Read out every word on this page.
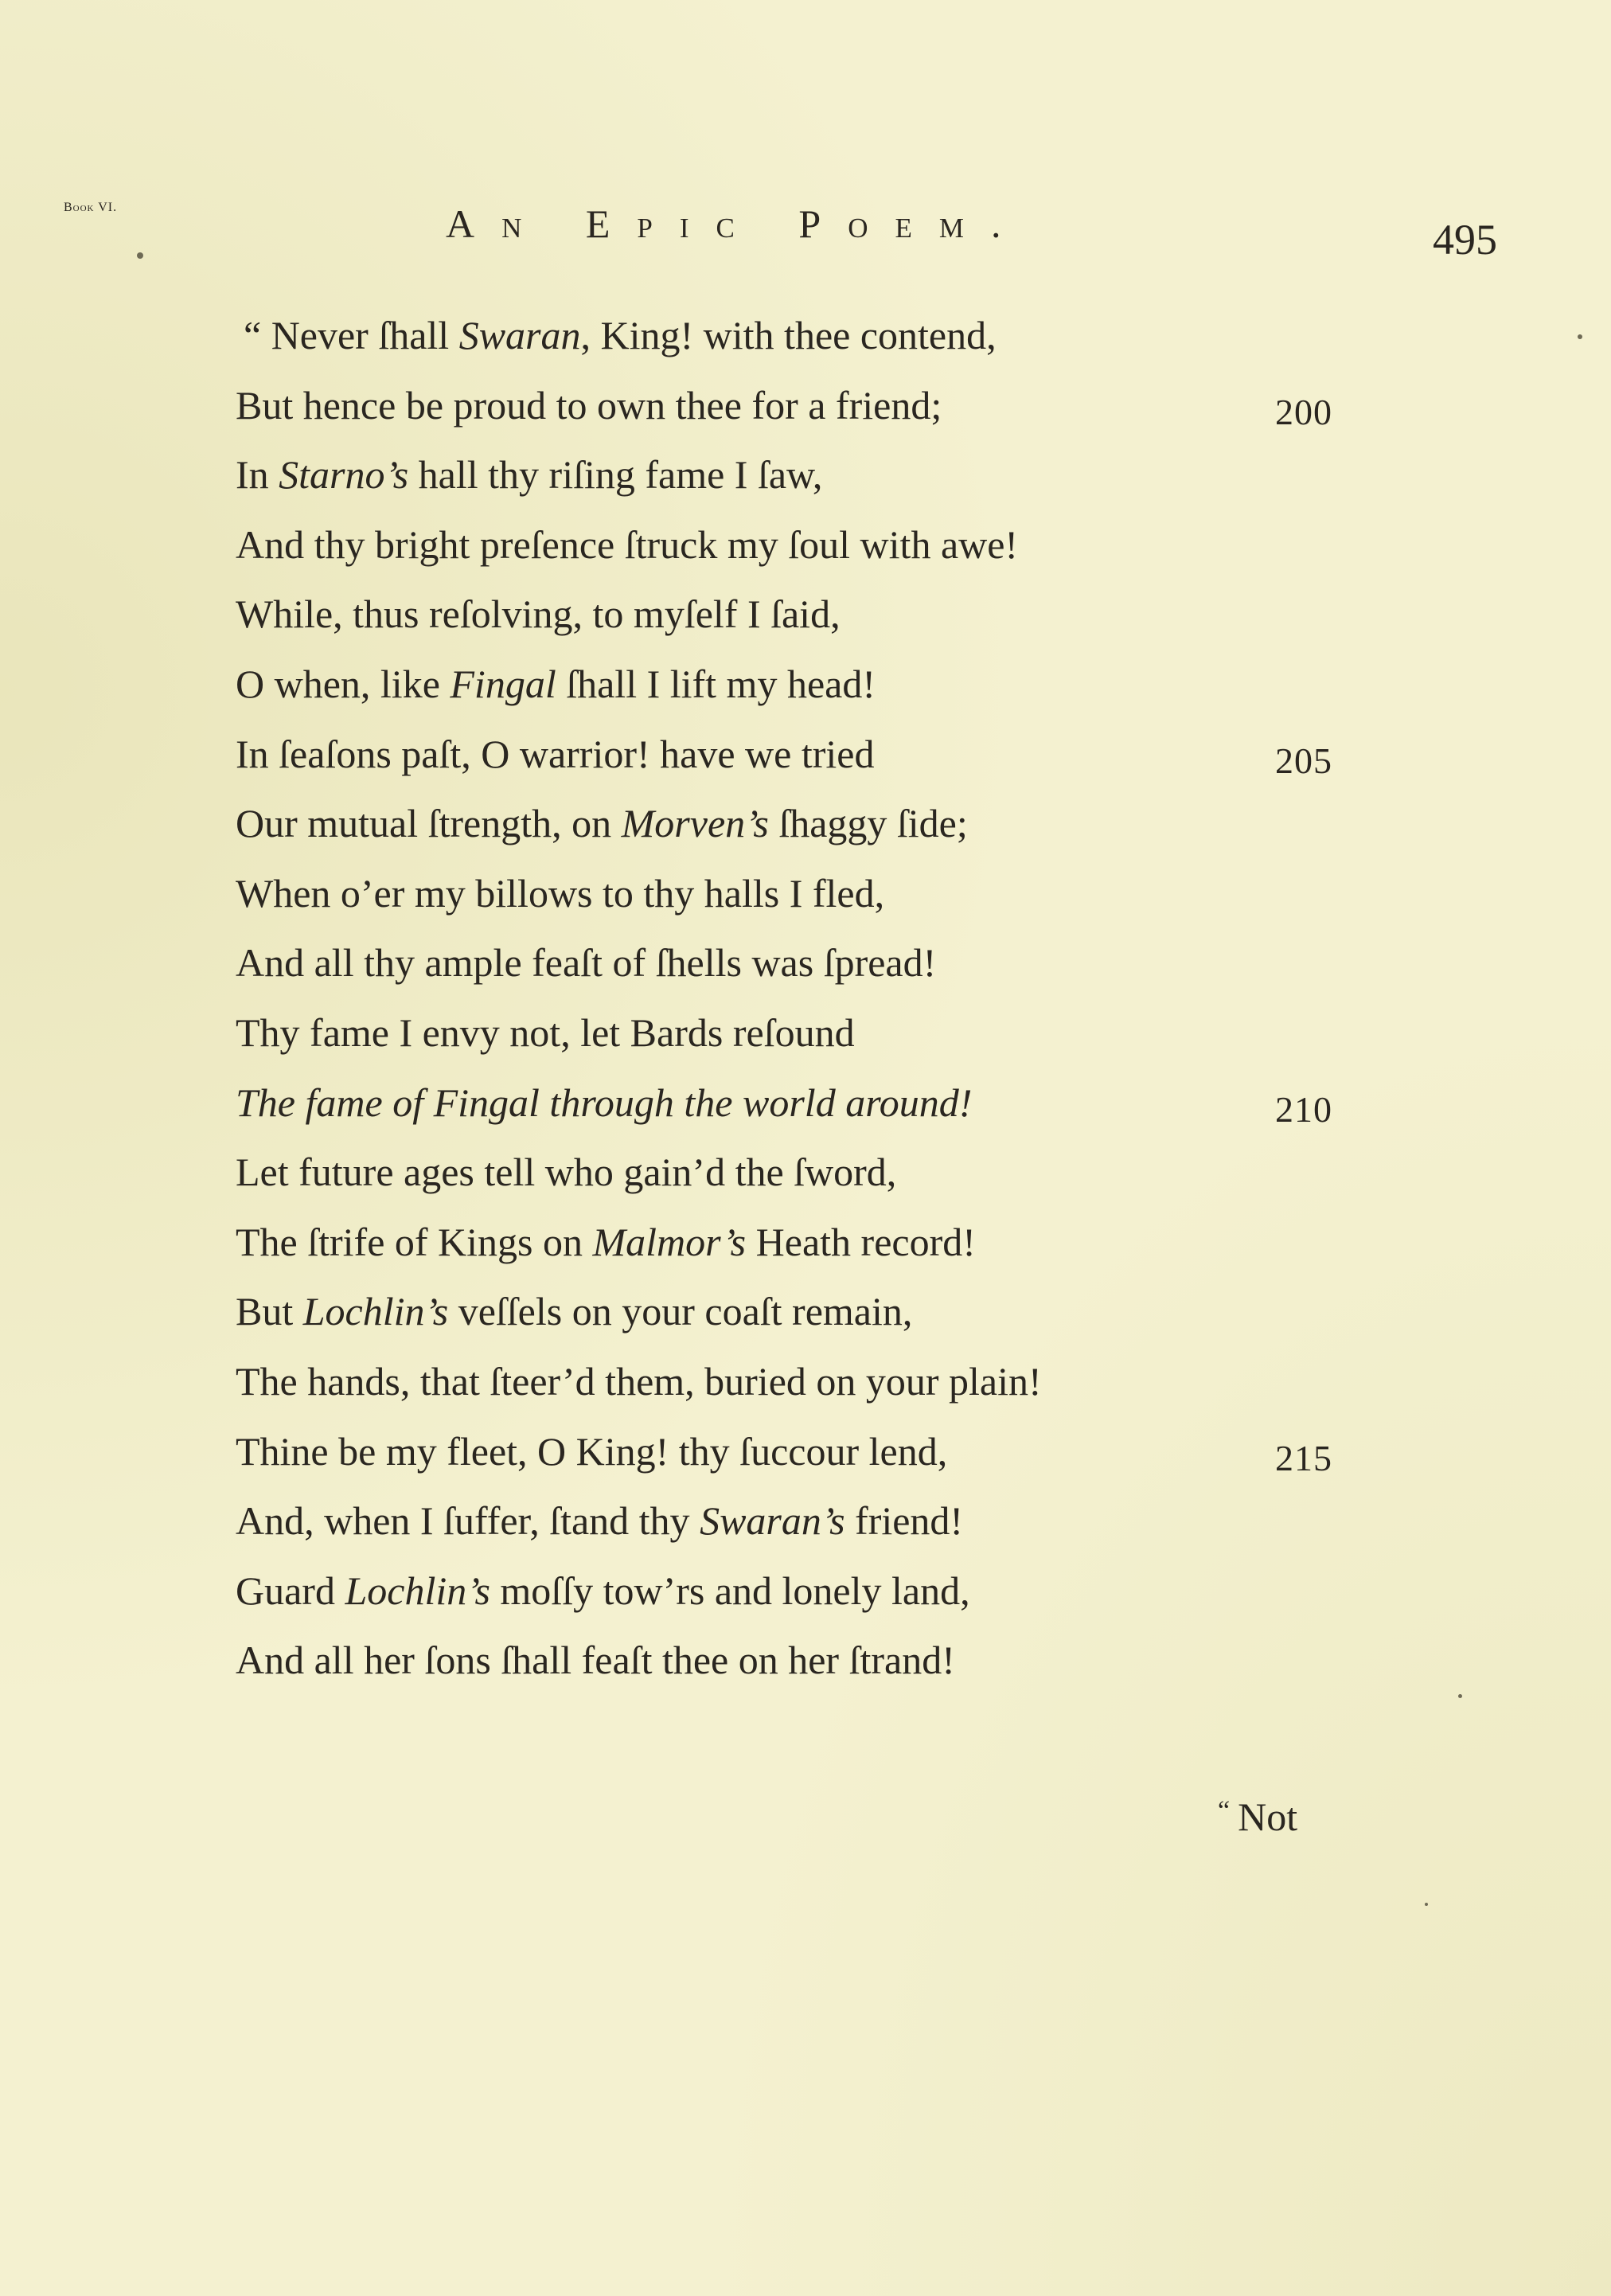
Book VI.	An Epic Poem.	495
“ Never ſhall Swaran, King! with thee contend,
But hence be proud to own thee for a friend;	200
In Starno’s hall thy riſing fame I ſaw,
And thy bright preſence ſtruck my ſoul with awe!
While, thus reſolving, to myſelf I ſaid,
O when, like Fingal ſhall I lift my head!
In ſeaſons paſt, O warrior! have we tried	205
Our mutual ſtrength, on Morven’s ſhaggy ſide;
When o’er my billows to thy halls I fled,
And all thy ample feaſt of ſhells was ſpread!
Thy fame I envy not, let Bards reſound
The fame of Fingal through the world around!	210
Let future ages tell who gain’d the ſword,
The ſtrife of Kings on Malmor’s Heath record!
But Lochlin’s veſſels on your coaſt remain,
The hands, that ſteer’d them, buried on your plain!
Thine be my fleet, O King! thy ſuccour lend,	215
And, when I ſuffer, ſtand thy Swaran’s friend!
Guard Lochlin’s moſſy tow’rs and lonely land,
And all her ſons ſhall feaſt thee on her ſtrand!
“ Not
